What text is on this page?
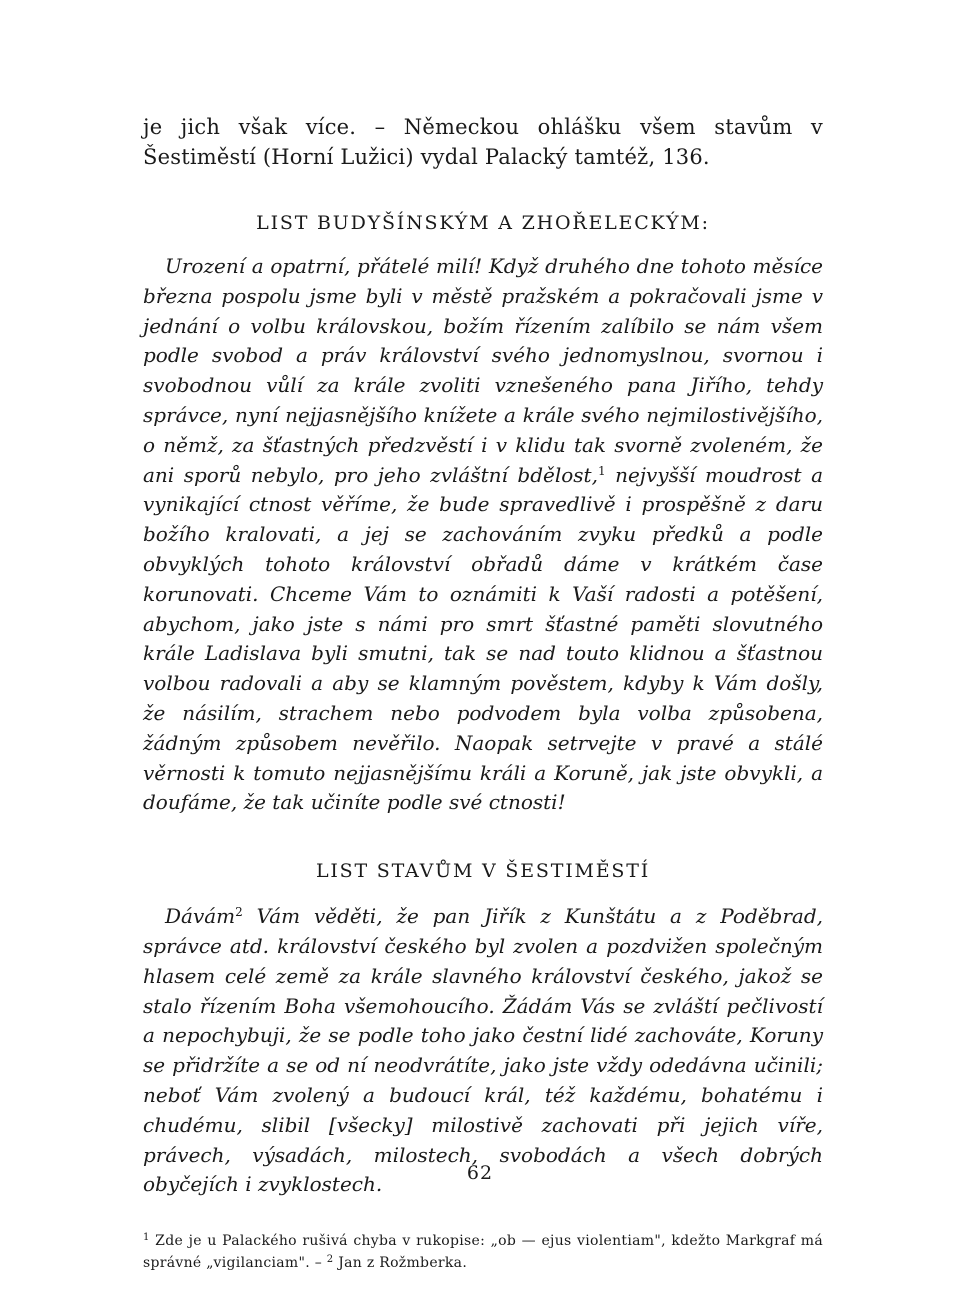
je jich však více. – Německou ohlášku všem stavům v Šestiměstí (Horní Lužici) vydal Palacký tamtéž, 136.

LIST BUDYŠÍNSKÝM A ZHOŘELECKÝM:

Urození a opatrní, přátelé milí! Když druhého dne tohoto měsíce března pospolu jsme byli v městě pražském a pokračovali jsme v jednání o volbu královskou, božím řízením zalíbilo se nám všem podle svobod a práv království svého jednomyslnou, svornou i svobodnou vůlí za krále zvoliti vznešeného pana Jiřího, tehdy správce, nyní nejjasnějšího knížete a krále svého nejmilostivějšího, o němž, za šťastných předzvěstí i v klidu tak svorně zvoleném, že ani sporů nebylo, pro jeho zvláštní bdělost,$^1$ nejvyšší moudrost a vynikající ctnost věříme, že bude spravedlivě i prospěšně z daru božího kralovati, a jej se zachováním zvyku předků a podle obvyklých tohoto království obřadů dáme v krátkém čase korunovati. Chceme Vám to oznámiti k Vaší radosti a potěšení, abychom, jako jste s námi pro smrt šťastné paměti slovutného krále Ladislava byli smutni, tak se nad touto klidnou a šťastnou volbou radovali a aby se klamným pověstem, kdyby k Vám došly, že násilím, strachem nebo podvodem byla volba způsobena, žádným způsobem nevěřilo. Naopak setrvejte v pravé a stálé věrnosti k tomuto nejjasnějšímu králi a Koruně, jak jste obvykli, a doufáme, že tak učiníte podle své ctnosti!

LIST STAVŮM V ŠESTIMĚSTÍ

Dávám$^2$ Vám věděti, že pan Jiřík z Kunštátu a z Poděbrad, správce atd. království českého byl zvolen a pozdvižen společným hlasem celé země za krále slavného království českého, jakož se stalo řízením Boha všemohoucího. Žádám Vás se zvláští pečlivostí a nepochybuji, že se podle toho jako čestní lidé zachováte, Koruny se přidržíte a se od ní neodvrátíte, jako jste vždy odedávna učinili; neboť Vám zvolený a budoucí král, též každému, bohatému i chudému, slibil [všecky] milostivě zachovati při jejich víře, právech, výsadách, milostech, svobodách a všech dobrých obyčejích i zvyklostech.

$^1$ Zde je u Palackého rušivá chyba v rukopise: „ob — ejus violentiam", kdežto Markgraf má správné „vigilanciam". – $^2$ Jan z Rožmberka.
62
